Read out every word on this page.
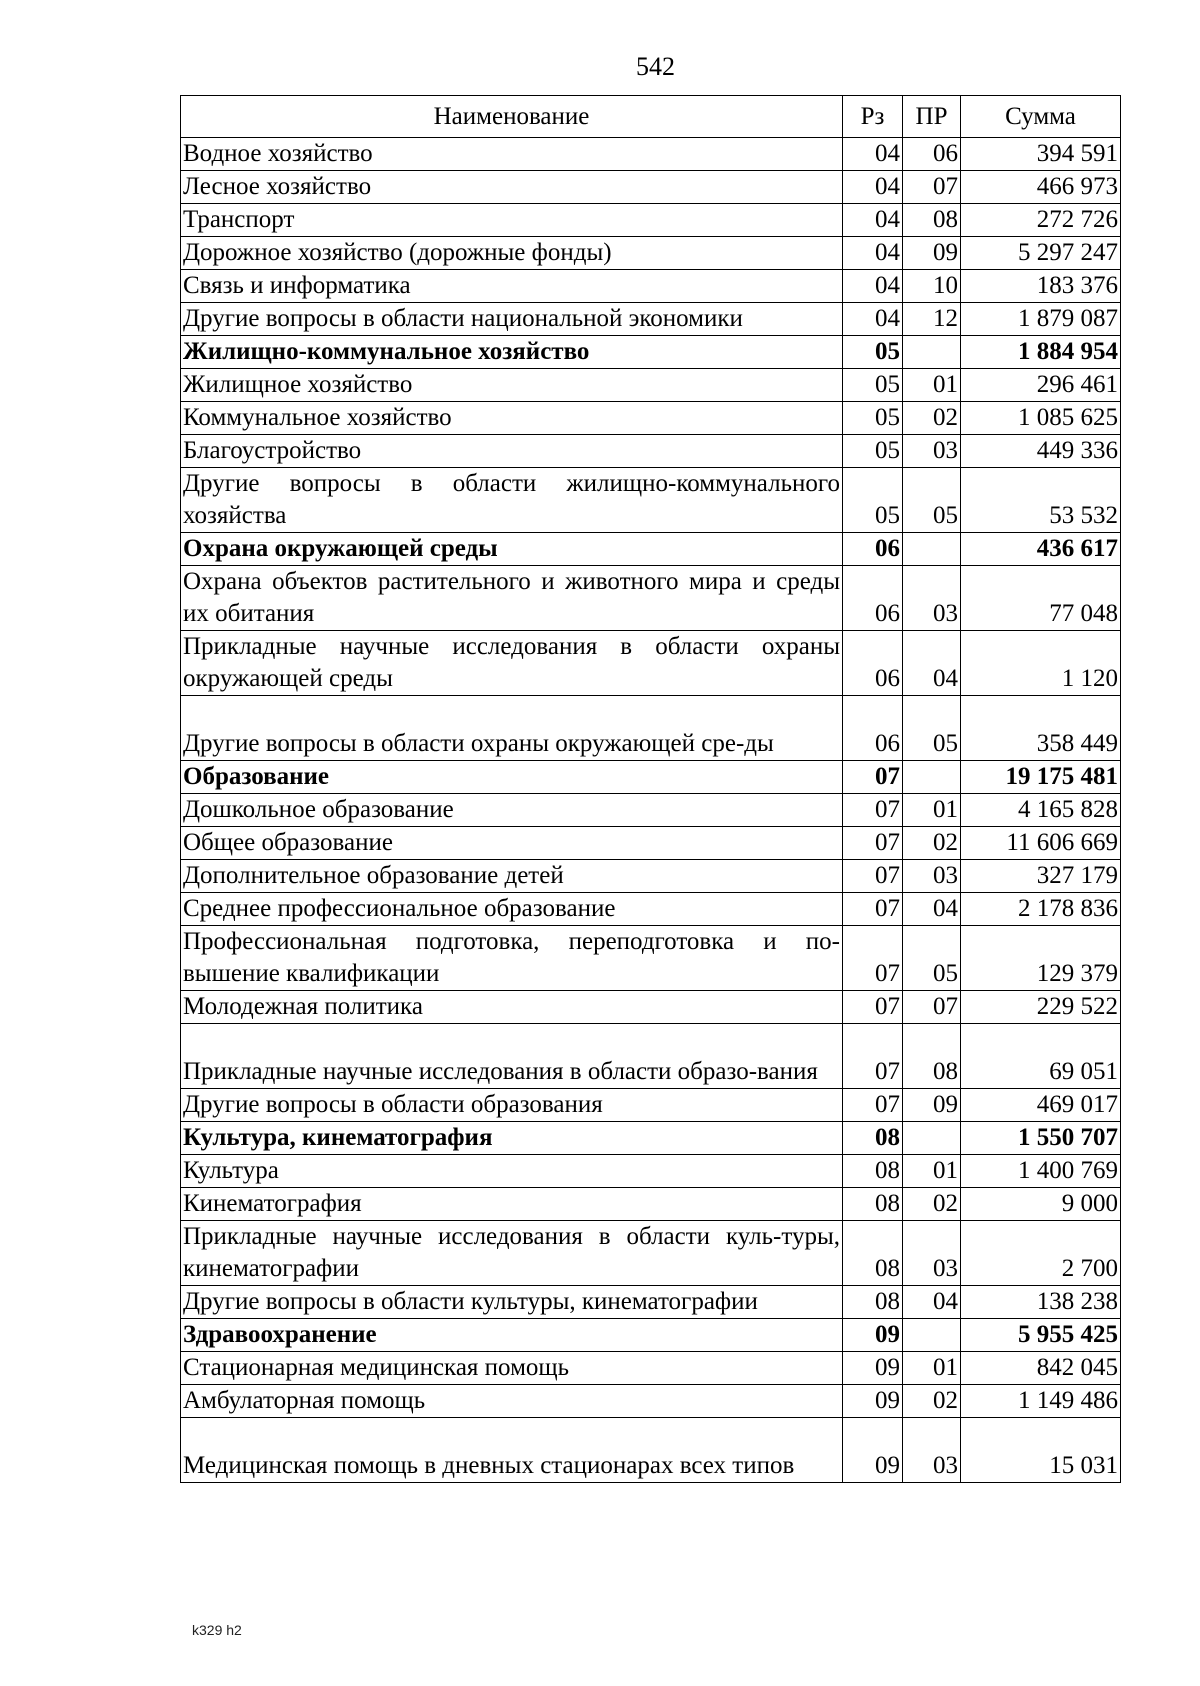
542
Наименование	Рз	ПР	Сумма
Водное хозяйство	04	06	394 591
Лесное хозяйство	04	07	466 973
Транспорт	04	08	272 726
Дорожное хозяйство (дорожные фонды)	04	09	5 297 247
Связь и информатика	04	10	183 376
Другие вопросы в области национальной экономики	04	12	1 879 087
Жилищно-коммунальное хозяйство	05		1 884 954
Жилищное хозяйство	05	01	296 461
Коммунальное хозяйство	05	02	1 085 625
Благоустройство	05	03	449 336
Другие вопросы в области жилищно-коммунального хозяйства	05	05	53 532
Охрана окружающей среды	06		436 617
Охрана объектов растительного и животного мира и среды их обитания	06	03	77 048
Прикладные научные исследования в области охраны окружающей среды	06	04	1 120
Другие вопросы в области охраны окружающей сре-ды	06	05	358 449
Образование	07		19 175 481
Дошкольное образование	07	01	4 165 828
Общее образование	07	02	11 606 669
Дополнительное образование детей	07	03	327 179
Среднее профессиональное образование	07	04	2 178 836
Профессиональная подготовка, переподготовка и по-вышение квалификации	07	05	129 379
Молодежная политика	07	07	229 522
Прикладные научные исследования в области образо-вания	07	08	69 051
Другие вопросы в области образования	07	09	469 017
Культура, кинематография	08		1 550 707
Культура	08	01	1 400 769
Кинематография	08	02	9 000
Прикладные научные исследования в области куль-туры, кинематографии	08	03	2 700
Другие вопросы в области культуры, кинематографии	08	04	138 238
Здравоохранение	09		5 955 425
Стационарная медицинская помощь	09	01	842 045
Амбулаторная помощь	09	02	1 149 486
Медицинская помощь в дневных стационарах всех типов	09	03	15 031
k329 h2
